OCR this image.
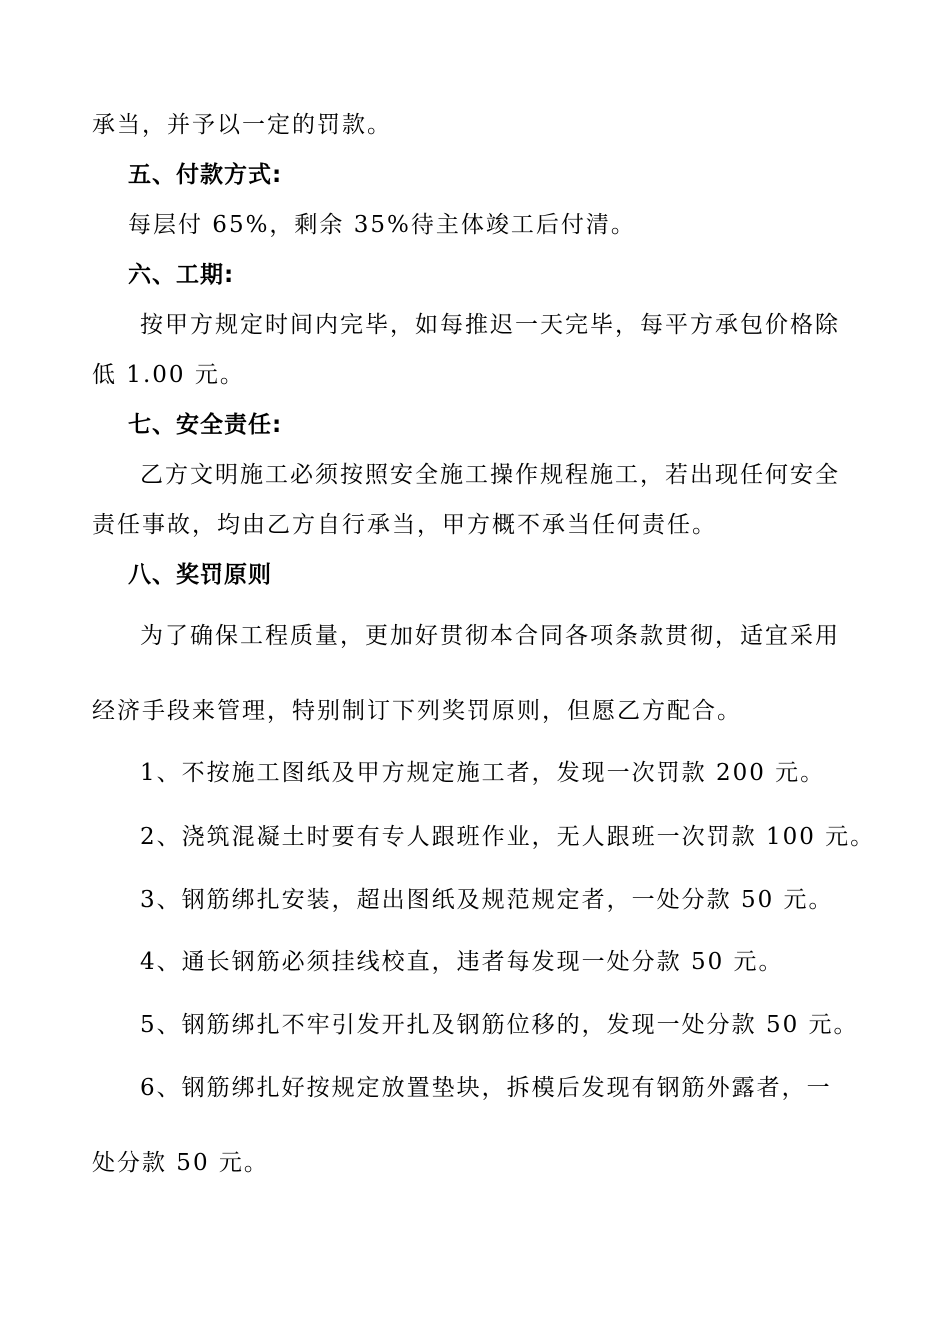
承当，并予以一定的罚款。
五、付款方式:
每层付 65%，剩余 35%待主体竣工后付清。
六、工期:
按甲方规定时间内完毕，如每推迟一天完毕，每平方承包价格除
低 1.00 元。
七、安全责任:
乙方文明施工必须按照安全施工操作规程施工，若出现任何安全
责任事故，均由乙方自行承当，甲方概不承当任何责任。
八、奖罚原则
为了确保工程质量，更加好贯彻本合同各项条款贯彻，适宜采用
经济手段来管理，特别制订下列奖罚原则，但愿乙方配合。
1、不按施工图纸及甲方规定施工者，发现一次罚款 200 元。
2、浇筑混凝土时要有专人跟班作业，无人跟班一次罚款 100 元。
3、钢筋绑扎安装，超出图纸及规范规定者，一处分款 50 元。
4、通长钢筋必须挂线校直，违者每发现一处分款 50 元。
5、钢筋绑扎不牢引发开扎及钢筋位移的，发现一处分款 50 元。
6、钢筋绑扎好按规定放置垫块，拆模后发现有钢筋外露者，一
处分款 50 元。
